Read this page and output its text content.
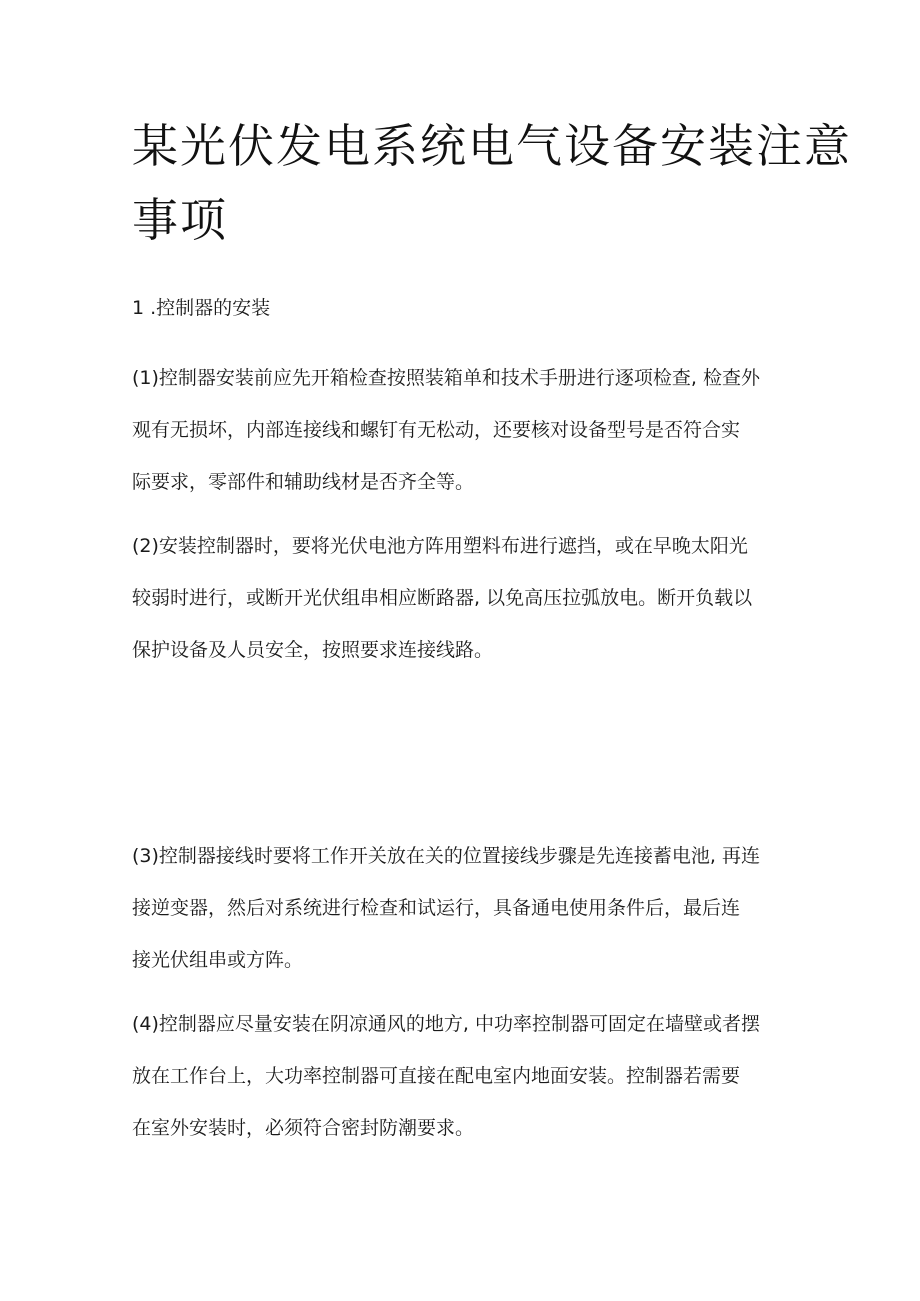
某光伏发电系统电气设备安装注意
事项
1 .控制器的安装
(1)控制器安装前应先开箱检查按照装箱单和技术手册进行逐项检查, 检查外
观有无损坏，内部连接线和螺钉有无松动，还要核对设备型号是否符合实
际要求，零部件和辅助线材是否齐全等。
(2)安装控制器时，要将光伏电池方阵用塑料布进行遮挡，或在早晚太阳光
较弱时进行，或断开光伏组串相应断路器, 以免高压拉弧放电。断开负载以
保护设备及人员安全，按照要求连接线路。
(3)控制器接线时要将工作开关放在关的位置接线步骤是先连接蓄电池, 再连
接逆变器，然后对系统进行检查和试运行，具备通电使用条件后，最后连
接光伏组串或方阵。
(4)控制器应尽量安装在阴凉通风的地方, 中功率控制器可固定在墙壁或者摆
放在工作台上，大功率控制器可直接在配电室内地面安装。控制器若需要
在室外安装时，必须符合密封防潮要求。
